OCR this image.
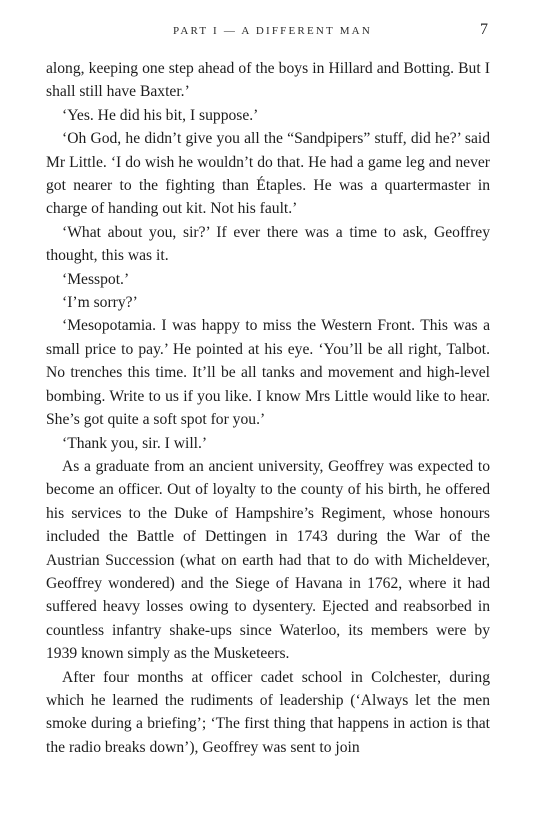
PART I — A DIFFERENT MAN	7

along, keeping one step ahead of the boys in Hillard and Botting. But I shall still have Baxter.’

‘Yes. He did his bit, I suppose.’

‘Oh God, he didn’t give you all the “Sandpipers” stuff, did he?’ said Mr Little. ‘I do wish he wouldn’t do that. He had a game leg and never got nearer to the fighting than Étaples. He was a quartermaster in charge of handing out kit. Not his fault.’

‘What about you, sir?’ If ever there was a time to ask, Geoffrey thought, this was it.

‘Messpot.’

‘I’m sorry?’

‘Mesopotamia. I was happy to miss the Western Front. This was a small price to pay.’ He pointed at his eye. ‘You’ll be all right, Talbot. No trenches this time. It’ll be all tanks and movement and high-level bombing. Write to us if you like. I know Mrs Little would like to hear. She’s got quite a soft spot for you.’

‘Thank you, sir. I will.’

As a graduate from an ancient university, Geoffrey was expected to become an officer. Out of loyalty to the county of his birth, he offered his services to the Duke of Hampshire’s Regiment, whose honours included the Battle of Dettingen in 1743 during the War of the Austrian Succession (what on earth had that to do with Micheldever, Geoffrey wondered) and the Siege of Havana in 1762, where it had suffered heavy losses owing to dysentery. Ejected and reabsorbed in countless infantry shake-ups since Waterloo, its members were by 1939 known simply as the Musketeers.

After four months at officer cadet school in Colchester, during which he learned the rudiments of leadership (‘Always let the men smoke during a briefing’; ‘The first thing that happens in action is that the radio breaks down’), Geoffrey was sent to join
